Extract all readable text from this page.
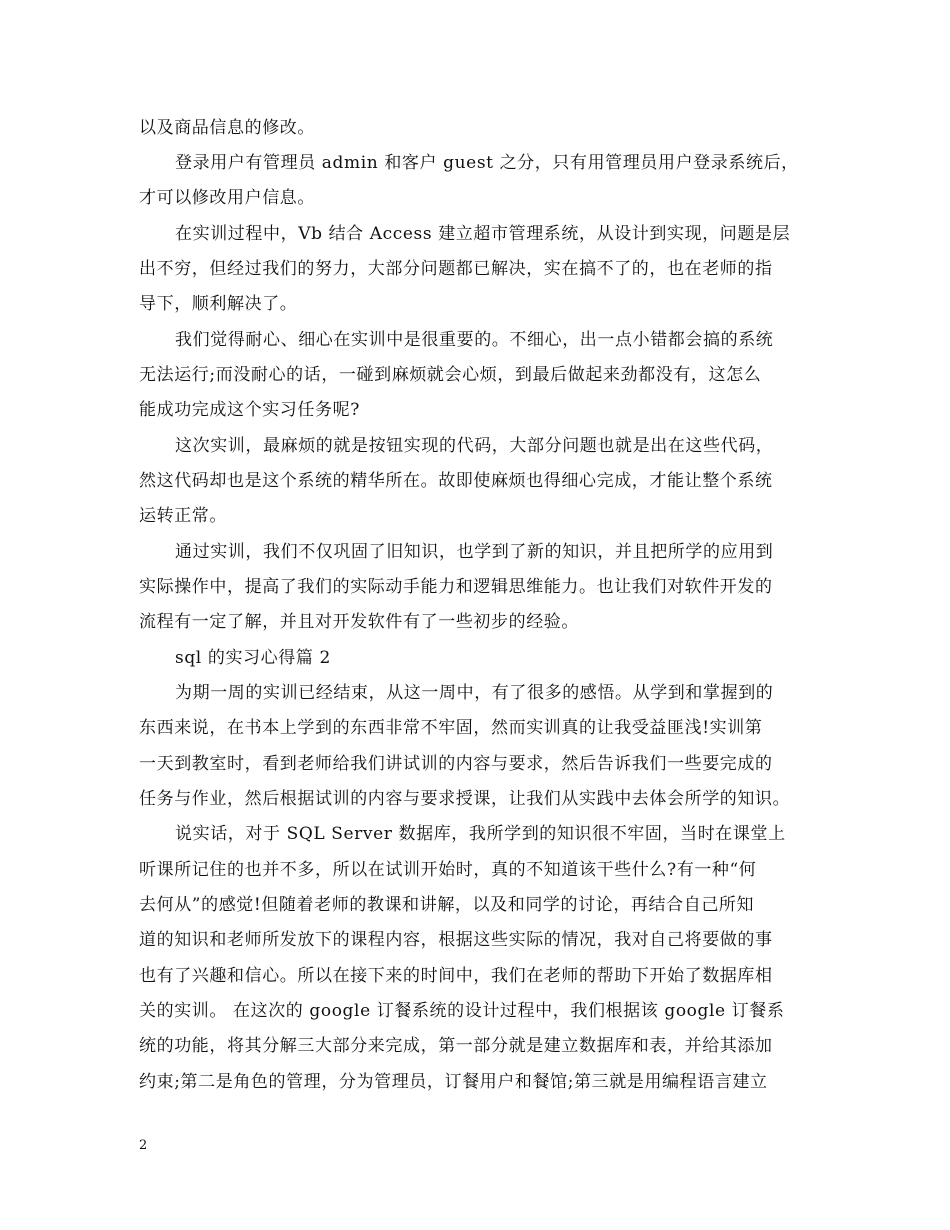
以及商品信息的修改。
登录用户有管理员 admin 和客户 guest 之分，只有用管理员用户登录系统后，
才可以修改用户信息。
在实训过程中，Vb 结合 Access 建立超市管理系统，从设计到实现，问题是层
出不穷，但经过我们的努力，大部分问题都已解决，实在搞不了的，也在老师的指
导下，顺利解决了。
我们觉得耐心、细心在实训中是很重要的。不细心，出一点小错都会搞的系统
无法运行;而没耐心的话，一碰到麻烦就会心烦，到最后做起来劲都没有，这怎么
能成功完成这个实习任务呢?
这次实训，最麻烦的就是按钮实现的代码，大部分问题也就是出在这些代码，
然这代码却也是这个系统的精华所在。故即使麻烦也得细心完成，才能让整个系统
运转正常。
通过实训，我们不仅巩固了旧知识，也学到了新的知识，并且把所学的应用到
实际操作中，提高了我们的实际动手能力和逻辑思维能力。也让我们对软件开发的
流程有一定了解，并且对开发软件有了一些初步的经验。
sql 的实习心得篇 2
为期一周的实训已经结束，从这一周中，有了很多的感悟。从学到和掌握到的
东西来说，在书本上学到的东西非常不牢固，然而实训真的让我受益匪浅!实训第
一天到教室时，看到老师给我们讲试训的内容与要求，然后告诉我们一些要完成的
任务与作业，然后根据试训的内容与要求授课，让我们从实践中去体会所学的知识。
说实话，对于 SQL Server 数据库，我所学到的知识很不牢固，当时在课堂上
听课所记住的也并不多，所以在试训开始时，真的不知道该干些什么?有一种“何
去何从”的感觉!但随着老师的教课和讲解，以及和同学的讨论，再结合自己所知
道的知识和老师所发放下的课程内容，根据这些实际的情况，我对自己将要做的事
也有了兴趣和信心。所以在接下来的时间中，我们在老师的帮助下开始了数据库相
关的实训。 在这次的 google 订餐系统的设计过程中，我们根据该 google 订餐系
统的功能，将其分解三大部分来完成，第一部分就是建立数据库和表，并给其添加
约束;第二是角色的管理，分为管理员，订餐用户和餐馆;第三就是用编程语言建立
2
